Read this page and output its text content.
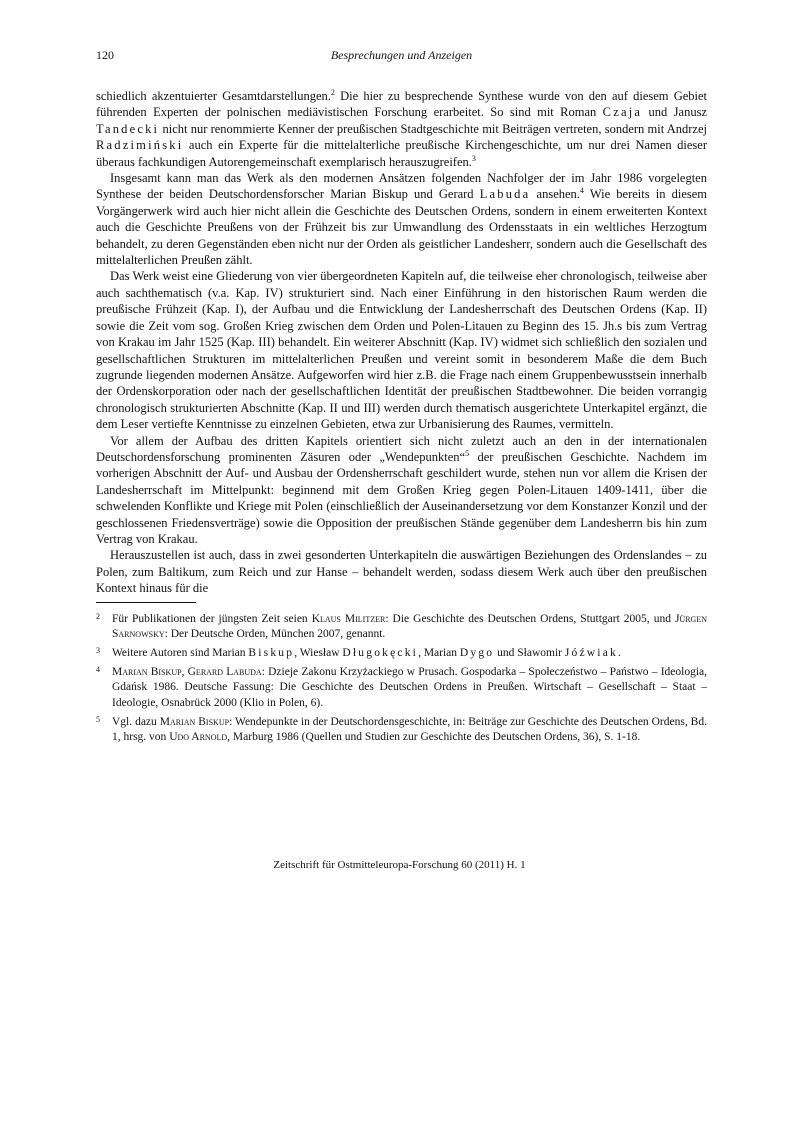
120	Besprechungen und Anzeigen

schiedlich akzentuierter Gesamtdarstellungen.$^2$ Die hier zu besprechende Synthese wurde von den auf diesem Gebiet führenden Experten der polnischen mediävistischen Forschung erarbeitet. So sind mit Roman Czaja und Janusz Tandecki nicht nur renommierte Kenner der preußischen Stadtgeschichte mit Beiträgen vertreten, sondern mit Andrzej Radzimiński auch ein Experte für die mittelalterliche preußische Kirchengeschichte, um nur drei Namen dieser überaus fachkundigen Autorengemeinschaft exemplarisch herauszugreifen.$^3$

Insgesamt kann man das Werk als den modernen Ansätzen folgenden Nachfolger der im Jahr 1986 vorgelegten Synthese der beiden Deutschordensforscher Marian Biskup und Gerard Labuda ansehen.$^4$ Wie bereits in diesem Vorgängerwerk wird auch hier nicht allein die Geschichte des Deutschen Ordens, sondern in einem erweiterten Kontext auch die Geschichte Preußens von der Frühzeit bis zur Umwandlung des Ordensstaats in ein weltliches Herzogtum behandelt, zu deren Gegenständen eben nicht nur der Orden als geistlicher Landesherr, sondern auch die Gesellschaft des mittelalterlichen Preußen zählt.

Das Werk weist eine Gliederung von vier übergeordneten Kapiteln auf, die teilweise eher chronologisch, teilweise aber auch sachthematisch (v.a. Kap. IV) strukturiert sind. Nach einer Einführung in den historischen Raum werden die preußische Frühzeit (Kap. I), der Aufbau und die Entwicklung der Landesherrschaft des Deutschen Ordens (Kap. II) sowie die Zeit vom sog. Großen Krieg zwischen dem Orden und Polen-Litauen zu Beginn des 15. Jh.s bis zum Vertrag von Krakau im Jahr 1525 (Kap. III) behandelt. Ein weiterer Abschnitt (Kap. IV) widmet sich schließlich den sozialen und gesellschaftlichen Strukturen im mittelalterlichen Preußen und vereint somit in besonderem Maße die dem Buch zugrunde liegenden modernen Ansätze. Aufgeworfen wird hier z.B. die Frage nach einem Gruppenbewusstsein innerhalb der Ordenskorporation oder nach der gesellschaftlichen Identität der preußischen Stadtbewohner. Die beiden vorrangig chronologisch strukturierten Abschnitte (Kap. II und III) werden durch thematisch ausgerichtete Unterkapitel ergänzt, die dem Leser vertiefte Kenntnisse zu einzelnen Gebieten, etwa zur Urbanisierung des Raumes, vermitteln.

Vor allem der Aufbau des dritten Kapitels orientiert sich nicht zuletzt auch an den in der internationalen Deutschordensforschung prominenten Zäsuren oder „Wendepunkten“$^5$ der preußischen Geschichte. Nachdem im vorherigen Abschnitt der Auf- und Ausbau der Ordensherrschaft geschildert wurde, stehen nun vor allem die Krisen der Landesherrschaft im Mittelpunkt: beginnend mit dem Großen Krieg gegen Polen-Litauen 1409-1411, über die schwelenden Konflikte und Kriege mit Polen (einschließlich der Auseinandersetzung vor dem Konstanzer Konzil und der geschlossenen Friedensverträge) sowie die Opposition der preußischen Stände gegenüber dem Landesherrn bis hin zum Vertrag von Krakau.

Herauszustellen ist auch, dass in zwei gesonderten Unterkapiteln die auswärtigen Beziehungen des Ordenslandes – zu Polen, zum Baltikum, zum Reich und zur Hanse – behandelt werden, sodass diesem Werk auch über den preußischen Kontext hinaus für die

2	Für Publikationen der jüngsten Zeit seien Klaus Militzer: Die Geschichte des Deutschen Ordens, Stuttgart 2005, und Jürgen Sarnowsky: Der Deutsche Orden, München 2007, genannt.
3	Weitere Autoren sind Marian Biskup, Wiesław Długokęcki, Marian Dygo und Sławomir Jóźwiak.
4	Marian Biskup, Gerard Labuda: Dzieje Zakonu Krzyżackiego w Prusach. Gospodarka – Społeczeństwo – Państwo – Ideologia, Gdańsk 1986. Deutsche Fassung: Die Geschichte des Deutschen Ordens in Preußen. Wirtschaft – Gesellschaft – Staat – Ideologie, Osnabrück 2000 (Klio in Polen, 6).
5	Vgl. dazu Marian Biskup: Wendepunkte in der Deutschordensgeschichte, in: Beiträge zur Geschichte des Deutschen Ordens, Bd. 1, hrsg. von Udo Arnold, Marburg 1986 (Quellen und Studien zur Geschichte des Deutschen Ordens, 36), S. 1-18.
Zeitschrift für Ostmitteleuropa-Forschung 60 (2011) H. 1
